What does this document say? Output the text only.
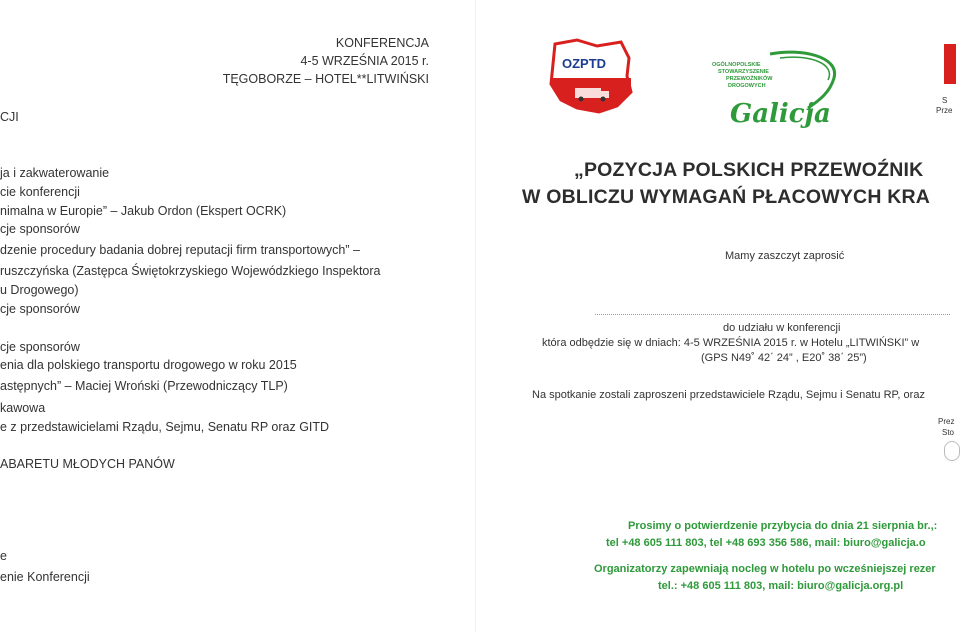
KONFERENCJA
4-5 WRZEŚNIA 2015 r.
TĘGOBORZE – HOTEL**LITWIŃSKI
CJI
ja i zakwaterowanie
cie konferencji
nimalna w Europie” – Jakub Ordon (Ekspert OCRK)
cje sponsorów
dzenie procedury badania dobrej reputacji firm transportowych” –
ruszczyńska (Zastępca Świętokrzyskiego Wojewódzkiego Inspektora
u Drogowego)
cje sponsorów
cje sponsorów
enia dla polskiego transportu drogowego w roku 2015
astępnych” – Maciej Wroński (Przewodniczący TLP)
kawowa
e z przedstawicielami Rządu, Sejmu, Senatu RP oraz GITD
ABARETU MŁODYCH PANÓW
e
enie Konferencji
OZPTD	OGÓLNOPOLSKIE
STOWARZYSZENIE
PRZEWOŹNIKÓW
DROGOWYCH
Galicja	S
Prze
„POZYCJA POLSKICH PRZEWOŹNIK
W OBLICZU WYMAGAŃ PŁACOWYCH KRA
Mamy zaszczyt zaprosić
do udziału w konferencji
która odbędzie się w dniach: 4-5 WRZEŚNIA 2015 r. w Hotelu „LITWIŃSKI” w
(GPS N49˚ 42΄ 24” , E20˚ 38΄ 25”)
Na spotkanie zostali zaproszeni przedstawiciele Rządu, Sejmu i Senatu RP, oraz
Prez
Sto
Prosimy o potwierdzenie przybycia do dnia 21 sierpnia br.,:
tel +48 605 111 803, tel +48 693 356 586, mail: biuro@galicja.o
Organizatorzy zapewniają nocleg w hotelu po wcześniejszej rezer
tel.: +48 605 111 803, mail: biuro@galicja.org.pl
